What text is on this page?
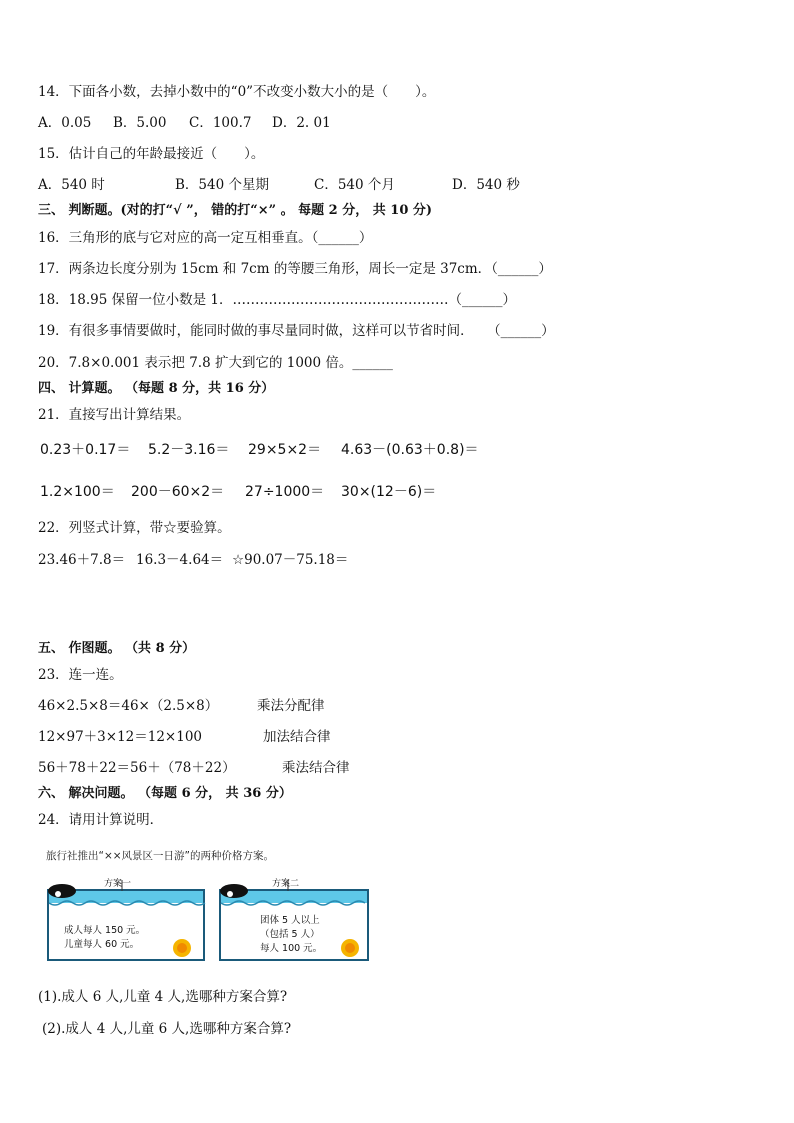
14．下面各小数，去掉小数中的“0”不改变小数大小的是（　　）。
A．0.05 B．5.00 C．100.7 D．2. 01
15．估计自己的年龄最接近（　　）。
A．540 时	B．540 个星期	C．540 个月	D．540 秒
三、 判断题。(对的打“√ ”， 错的打“×” 。 每题 2 分， 共 10 分)
16．三角形的底与它对应的高一定互相垂直。（______）
17．两条边长度分别为 15cm 和 7cm 的等腰三角形，周长一定是 37cm．（______）
18．18.95 保留一位小数是 1．…………………………………………（______）
19．有很多事情要做时，能同时做的事尽量同时做，这样可以节省时间．　　（______）
20．7.8×0.001 表示把 7.8 扩大到它的 1000 倍。______
四、 计算题。 （每题 8 分，共 16 分）
21．直接写出计算结果。
0.23＋0.17＝ 5.2－3.16＝ 29×5×2＝ 4.63－(0.63＋0.8)＝
1.2×100＝ 200－60×2＝ 27÷1000＝ 30×(12－6)＝
22．列竖式计算，带☆要验算。
23.46＋7.8＝ 16.3－4.64＝ ☆90.07－75.18＝
五、 作图题。 （共 8 分）
23．连一连。
46×2.5×8＝46×（2.5×8）
12×97＋3×12＝12×100
56＋78＋22＝56＋（78＋22）
乘法分配律
加法结合律
乘法结合律
六、 解决问题。 （每题 6 分， 共 36 分）
24．请用计算说明．
旅行社推出“××风景区一日游”的两种价格方案。
方案一
成人每人 150 元。
儿童每人 60 元。
方案二
团体 5 人以上
（包括 5 人）
每人 100 元。
(1).成人 6 人,儿童 4 人,选哪种方案合算?
(2).成人 4 人,儿童 6 人,选哪种方案合算?
